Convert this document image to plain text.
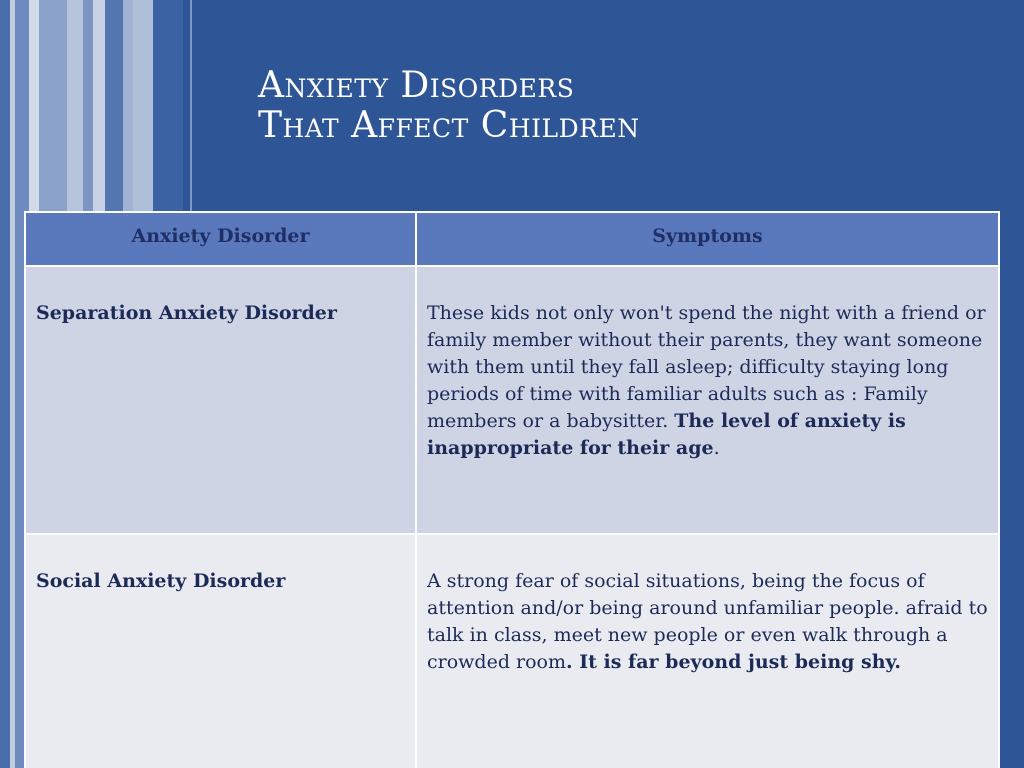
Anxiety Disorders
That Affect Children
Anxiety Disorder	Symptoms
Separation Anxiety Disorder	These kids not only won't spend the night with a friend or family member without their parents, they want someone with them until they fall asleep; difficulty staying long periods of time with familiar adults such as : Family members or a babysitter. The level of anxiety is inappropriate for their age.
Social Anxiety Disorder	A strong fear of social situations, being the focus of attention and/or being around unfamiliar people. afraid to talk in class, meet new people or even walk through a crowded room. It is far beyond just being shy.
